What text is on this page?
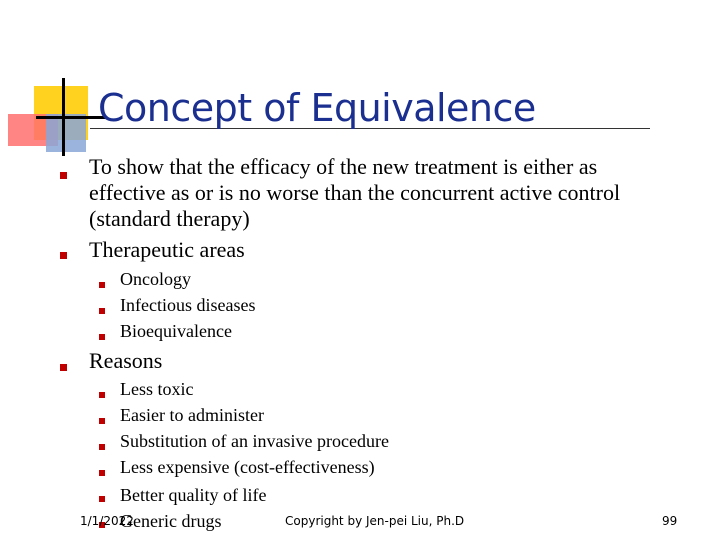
Concept of Equivalence
To show that the efficacy of the new treatment is either as
effective as or is no worse than the concurrent active control
(standard therapy)
Therapeutic areas
Oncology
Infectious diseases
Bioequivalence
Reasons
Less toxic
Easier to administer
Substitution of an invasive procedure
Less expensive (cost-effectiveness)
Better quality of life
Generic drugs
1/1/2022	Copyright by Jen-pei Liu, Ph.D	99
